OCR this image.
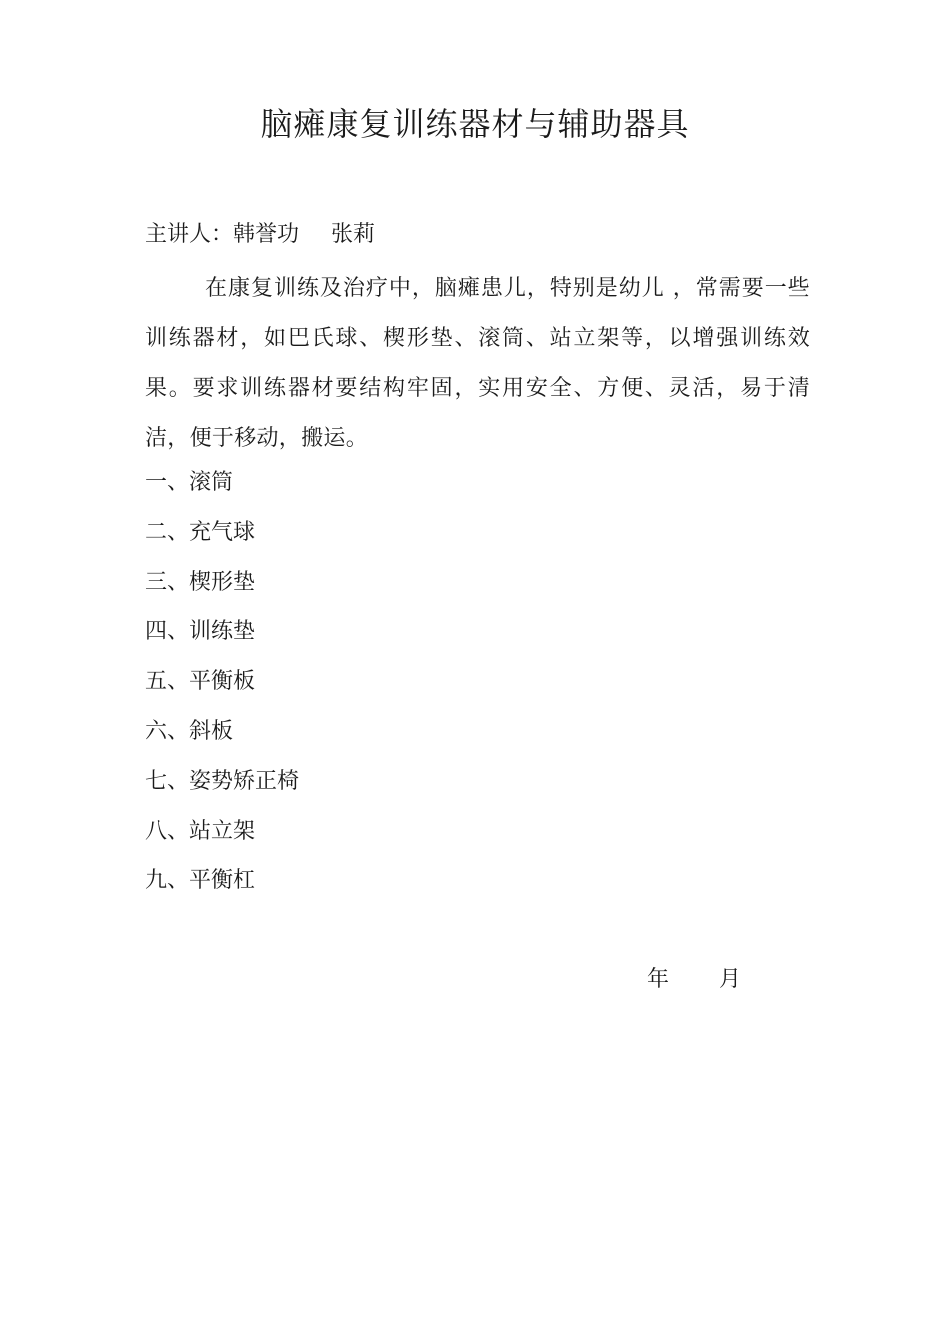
脑瘫康复训练器材与辅助器具
主讲人：韩誉功 张莉

在康复训练及治疗中，脑瘫患儿，特别是幼儿 ，常需要一些训练器材，如巴氏球、楔形垫、滚筒、站立架等，以增强训练效果。要求训练器材要结构牢固，实用安全、方便、灵活，易于清洁，便于移动，搬运。

一、滚筒
二、充气球
三、楔形垫
四、训练垫
五、平衡板
六、斜板
七、姿势矫正椅
八、站立架
九、平衡杠
年 月
